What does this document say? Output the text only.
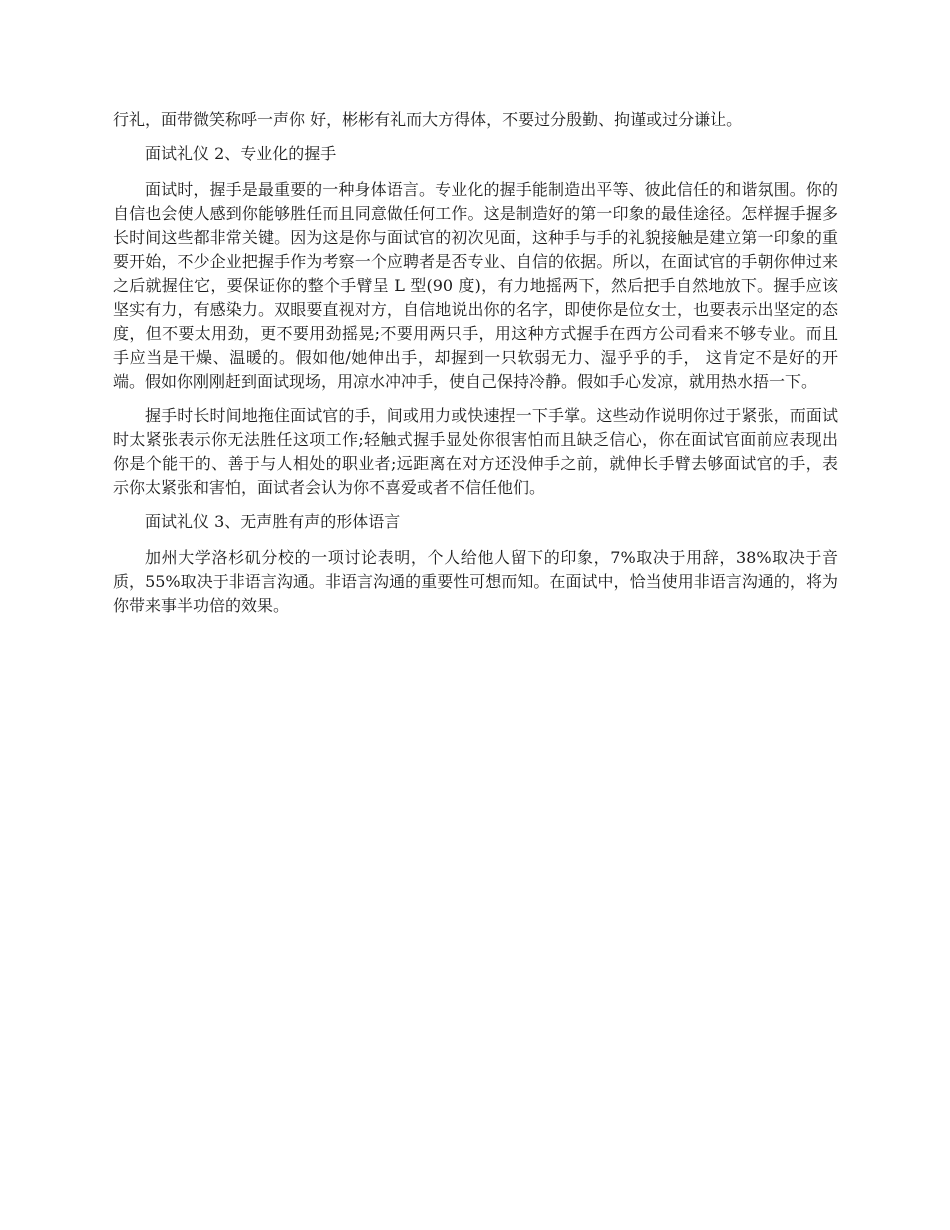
行礼，面带微笑称呼一声你 好，彬彬有礼而大方得体，不要过分殷勤、拘谨或过分谦让。

面试礼仪 2、专业化的握手

面试时，握手是最重要的一种身体语言。专业化的握手能制造出平等、彼此信任的和谐氛围。你的自信也会使人感到你能够胜任而且同意做任何工作。这是制造好的第一印象的最佳途径。怎样握手握多长时间这些都非常关键。因为这是你与面试官的初次见面，这种手与手的礼貌接触是建立第一印象的重要开始，不少企业把握手作为考察一个应聘者是否专业、自信的依据。所以，在面试官的手朝你伸过来之后就握住它，要保证你的整个手臂呈 L 型(90 度)，有力地摇两下，然后把手自然地放下。握手应该坚实有力，有感染力。双眼要直视对方，自信地说出你的名字，即使你是位女士，也要表示出坚定的态度，但不要太用劲，更不要用劲摇晃;不要用两只手，用这种方式握手在西方公司看来不够专业。而且手应当是干燥、温暖的。假如他/她伸出手，却握到一只软弱无力、湿乎乎的手， 这肯定不是好的开端。假如你刚刚赶到面试现场，用凉水冲冲手，使自己保持冷静。假如手心发凉，就用热水捂一下。

握手时长时间地拖住面试官的手，间或用力或快速捏一下手掌。这些动作说明你过于紧张，而面试时太紧张表示你无法胜任这项工作;轻触式握手显处你很害怕而且缺乏信心，你在面试官面前应表现出你是个能干的、善于与人相处的职业者;远距离在对方还没伸手之前，就伸长手臂去够面试官的手，表示你太紧张和害怕，面试者会认为你不喜爱或者不信任他们。

面试礼仪 3、无声胜有声的形体语言

加州大学洛杉矶分校的一项讨论表明，个人给他人留下的印象，7%取决于用辞，38%取决于音质，55%取决于非语言沟通。非语言沟通的重要性可想而知。在面试中，恰当使用非语言沟通的，将为你带来事半功倍的效果。
